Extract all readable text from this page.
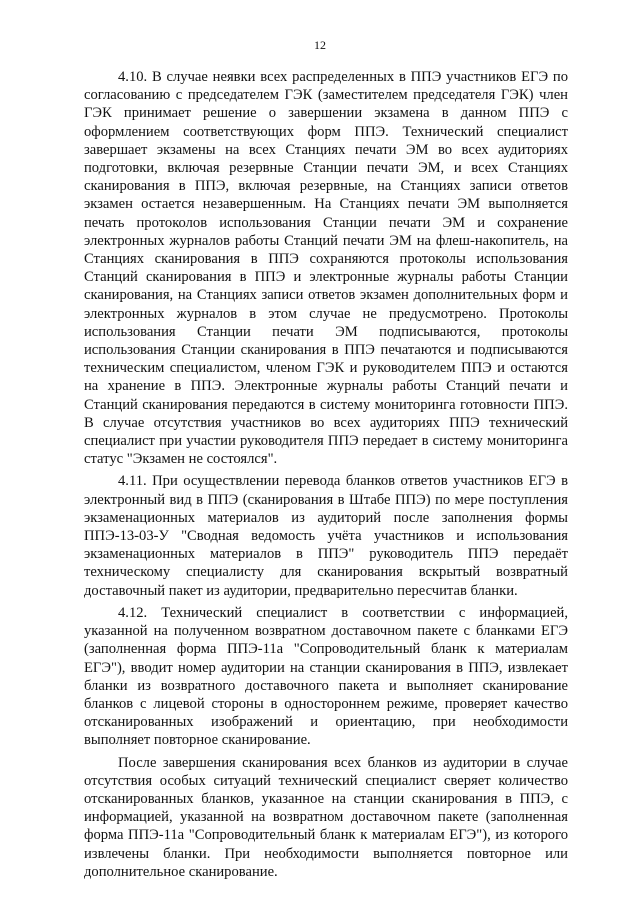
12

4.10. В случае неявки всех распределенных в ППЭ участников ЕГЭ по согласованию с председателем ГЭК (заместителем председателя ГЭК) член ГЭК принимает решение о завершении экзамена в данном ППЭ с оформлением соответствующих форм ППЭ. Технический специалист завершает экзамены на всех Станциях печати ЭМ во всех аудиториях подготовки, включая резервные Станции печати ЭМ, и всех Станциях сканирования в ППЭ, включая резервные, на Станциях записи ответов экзамен остается незавершенным. На Станциях печати ЭМ выполняется печать протоколов использования Станции печати ЭМ и сохранение электронных журналов работы Станций печати ЭМ на флеш-накопитель, на Станциях сканирования в ППЭ сохраняются протоколы использования Станций сканирования в ППЭ и электронные журналы работы Станции сканирования, на Станциях записи ответов экзамен дополнительных форм и электронных журналов в этом случае не предусмотрено. Протоколы использования Станции печати ЭМ подписываются, протоколы использования Станции сканирования в ППЭ печатаются и подписываются техническим специалистом, членом ГЭК и руководителем ППЭ и остаются на хранение в ППЭ. Электронные журналы работы Станций печати и Станций сканирования передаются в систему мониторинга готовности ППЭ. В случае отсутствия участников во всех аудиториях ППЭ технический специалист при участии руководителя ППЭ передает в систему мониторинга статус "Экзамен не состоялся".

4.11. При осуществлении перевода бланков ответов участников ЕГЭ в электронный вид в ППЭ (сканирования в Штабе ППЭ) по мере поступления экзаменационных материалов из аудиторий после заполнения формы ППЭ-13-03-У "Сводная ведомость учёта участников и использования экзаменационных материалов в ППЭ" руководитель ППЭ передаёт техническому специалисту для сканирования вскрытый возвратный доставочный пакет из аудитории, предварительно пересчитав бланки.

4.12. Технический специалист в соответствии с информацией, указанной на полученном возвратном доставочном пакете с бланками ЕГЭ (заполненная форма ППЭ-11а "Сопроводительный бланк к материалам ЕГЭ"), вводит номер аудитории на станции сканирования в ППЭ, извлекает бланки из возвратного доставочного пакета и выполняет сканирование бланков с лицевой стороны в одностороннем режиме, проверяет качество отсканированных изображений и ориентацию, при необходимости выполняет повторное сканирование.

После завершения сканирования всех бланков из аудитории в случае отсутствия особых ситуаций технический специалист сверяет количество отсканированных бланков, указанное на станции сканирования в ППЭ, с информацией, указанной на возвратном доставочном пакете (заполненная форма ППЭ-11а "Сопроводительный бланк к материалам ЕГЭ"), из которого извлечены бланки. При необходимости выполняется повторное или дополнительное сканирование.
